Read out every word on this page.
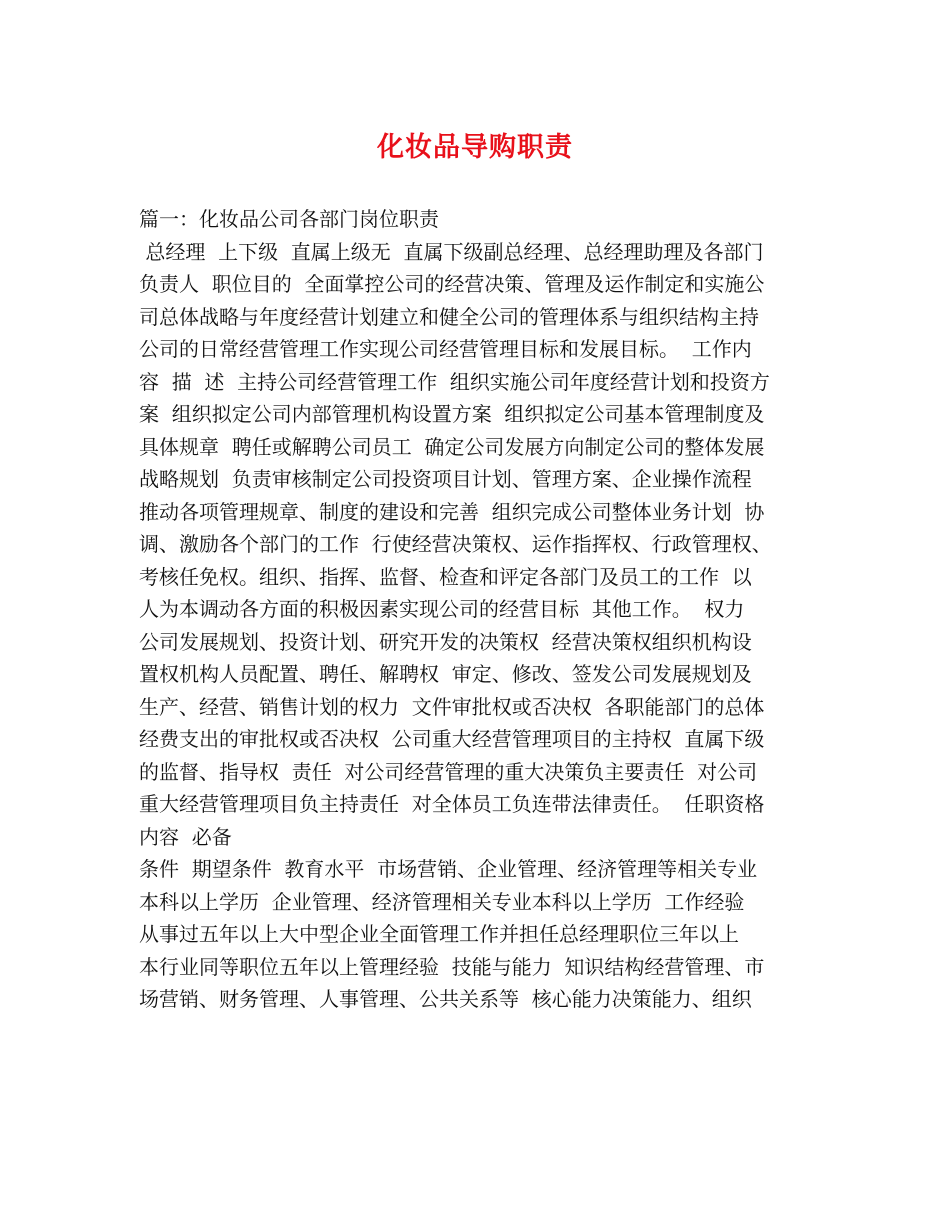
化妆品导购职责
篇一：化妆品公司各部门岗位职责
总经理  上下级  直属上级无  直属下级副总经理、总经理助理及各部门
负责人  职位目的  全面掌控公司的经营决策、管理及运作制定和实施公
司总体战略与年度经营计划建立和健全公司的管理体系与组织结构主持
公司的日常经营管理工作实现公司经营管理目标和发展目标。  工作内
容  描  述  主持公司经营管理工作  组织实施公司年度经营计划和投资方
案  组织拟定公司内部管理机构设置方案  组织拟定公司基本管理制度及
具体规章  聘任或解聘公司员工  确定公司发展方向制定公司的整体发展
战略规划  负责审核制定公司投资项目计划、管理方案、企业操作流程
推动各项管理规章、制度的建设和完善  组织完成公司整体业务计划  协
调、激励各个部门的工作  行使经营决策权、运作指挥权、行政管理权、
考核任免权。组织、指挥、监督、检查和评定各部门及员工的工作  以
人为本调动各方面的积极因素实现公司的经营目标  其他工作。  权力
公司发展规划、投资计划、研究开发的决策权  经营决策权组织机构设
置权机构人员配置、聘任、解聘权  审定、修改、签发公司发展规划及
生产、经营、销售计划的权力  文件审批权或否决权  各职能部门的总体
经费支出的审批权或否决权  公司重大经营管理项目的主持权  直属下级
的监督、指导权  责任  对公司经营管理的重大决策负主要责任  对公司
重大经营管理项目负主持责任  对全体员工负连带法律责任。  任职资格
内容  必备
条件  期望条件  教育水平  市场营销、企业管理、经济管理等相关专业
本科以上学历  企业管理、经济管理相关专业本科以上学历  工作经验
从事过五年以上大中型企业全面管理工作并担任总经理职位三年以上
本行业同等职位五年以上管理经验  技能与能力  知识结构经营管理、市
场营销、财务管理、人事管理、公共关系等  核心能力决策能力、组织
